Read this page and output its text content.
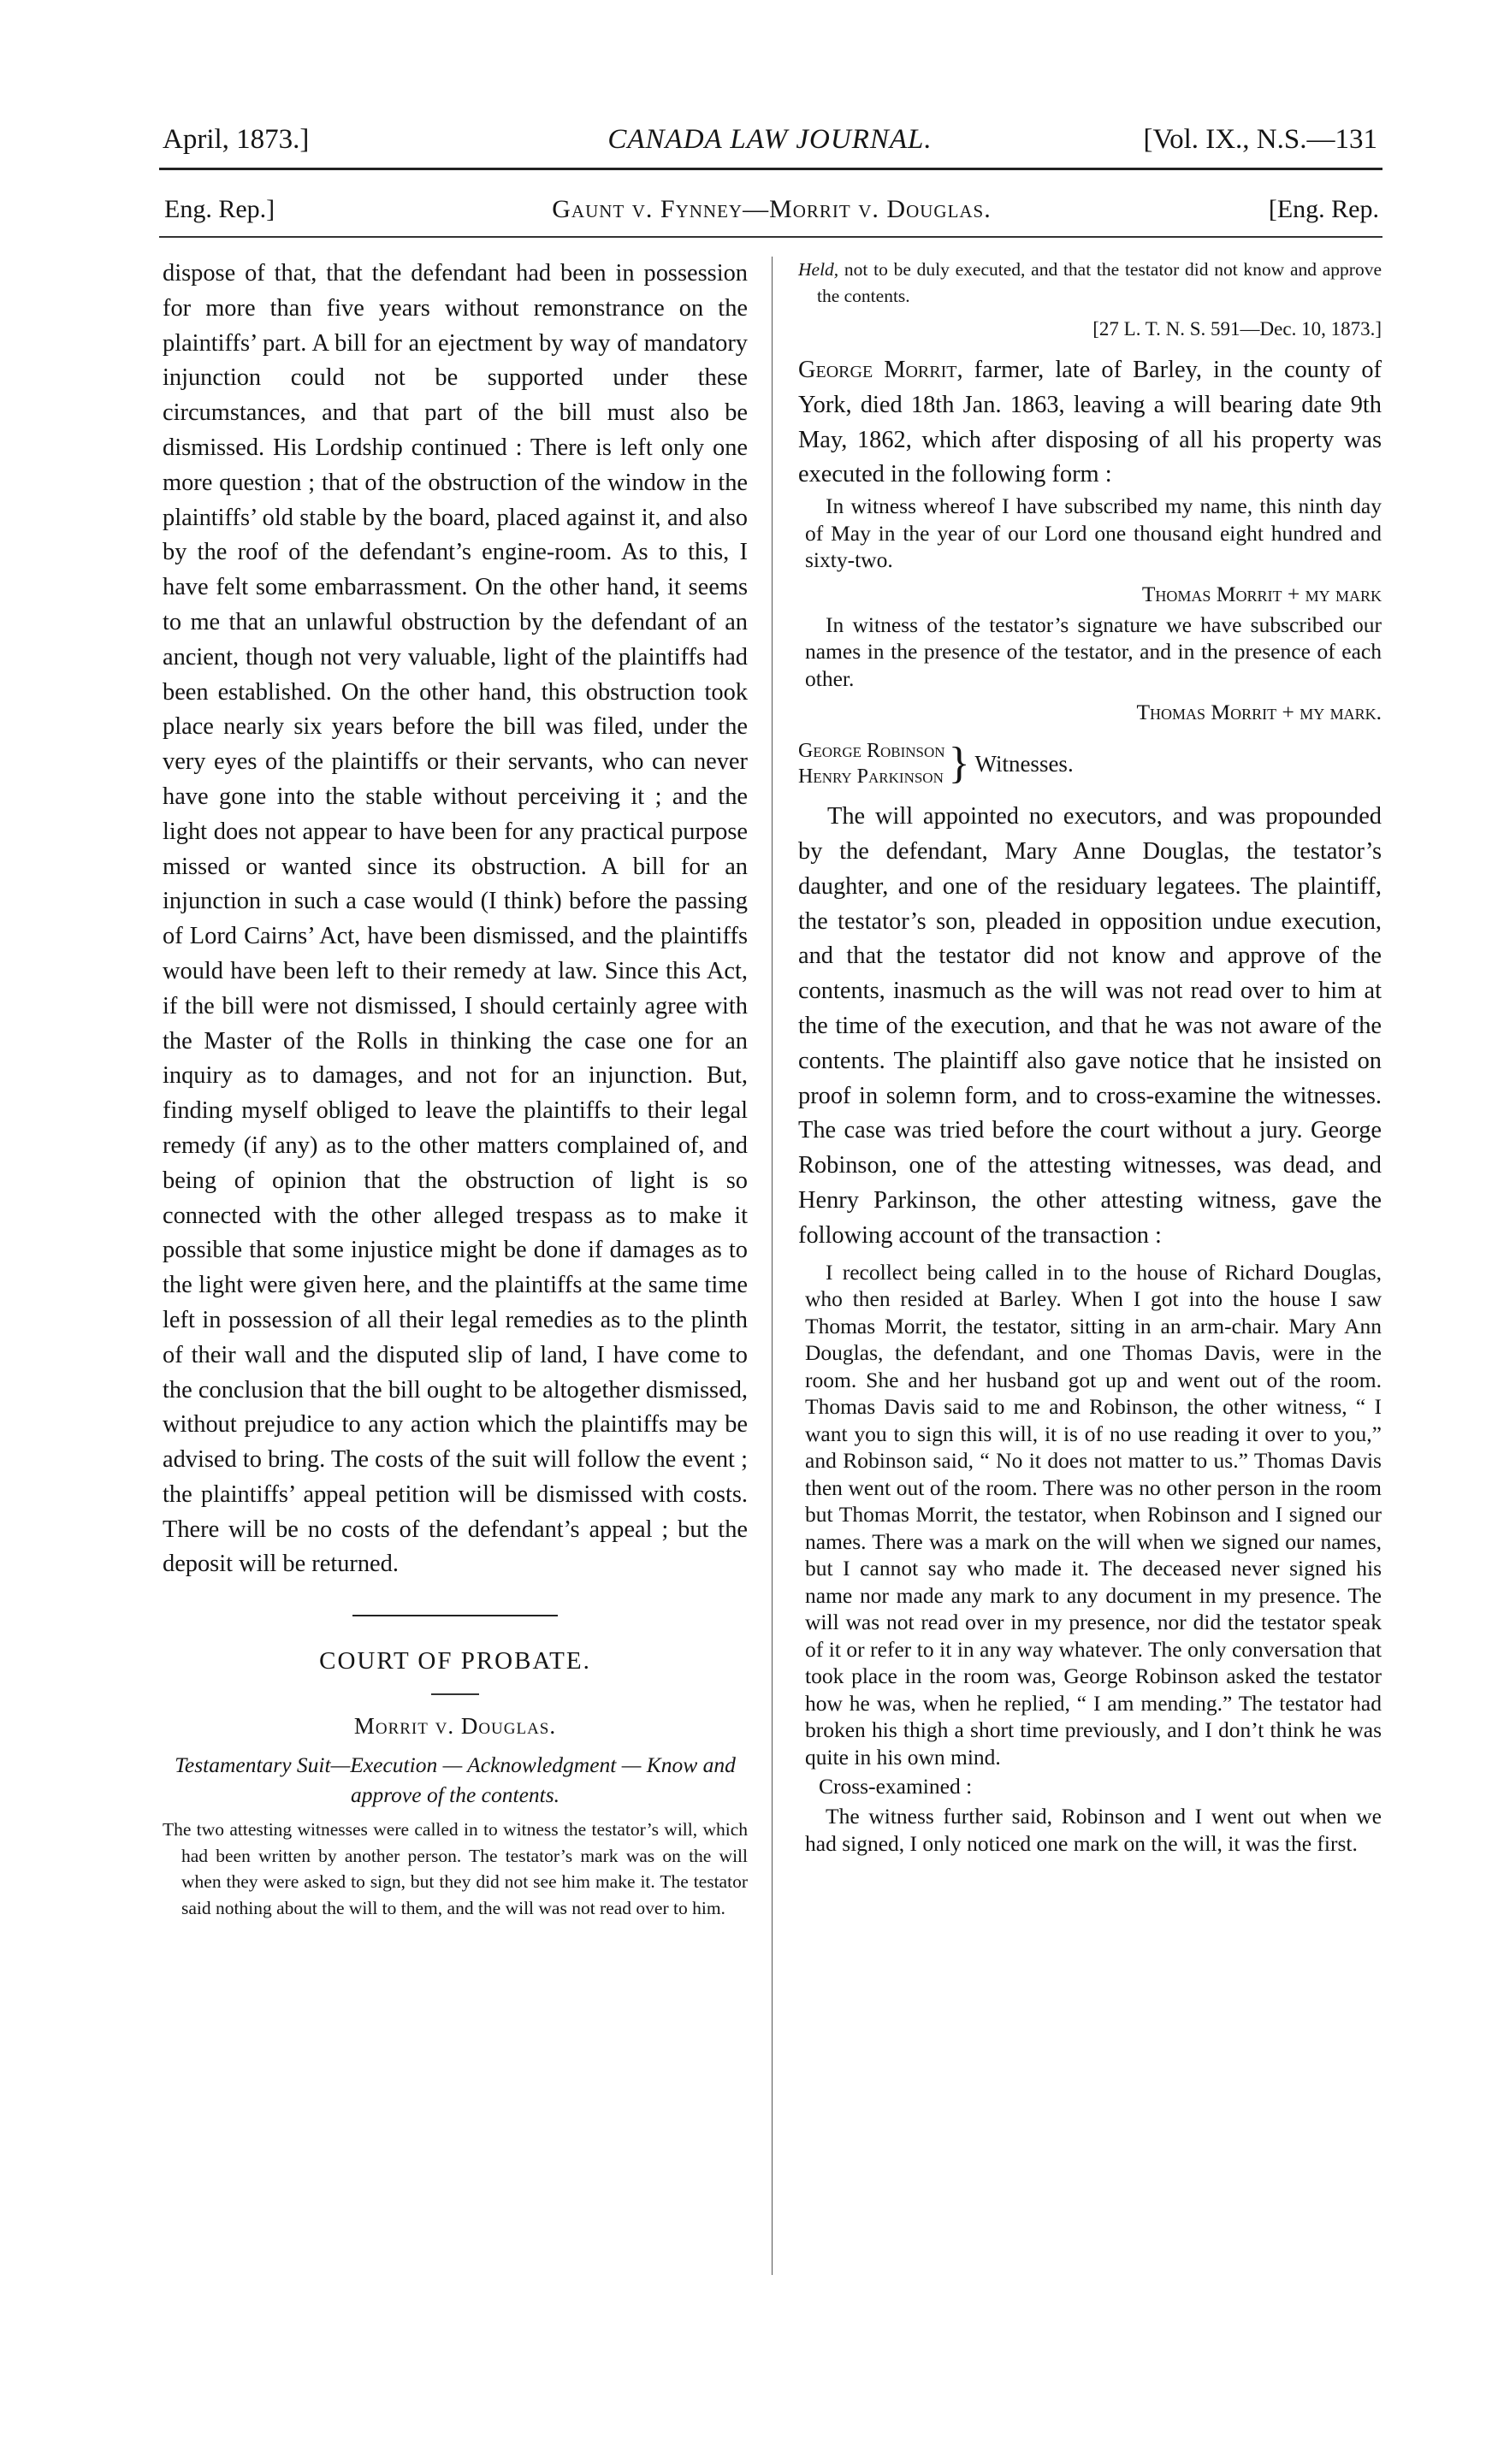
April, 1873.]	CANADA LAW JOURNAL.	[Vol. IX., N.S.—131
Eng. Rep.]	Gaunt v. Fynney—Morrit v. Douglas.	[Eng. Rep.

dispose of that, that the defendant had been in possession for more than five years without remonstrance on the plaintiffs’ part. A bill for an ejectment by way of mandatory injunction could not be supported under these circumstances, and that part of the bill must also be dismissed. His Lordship continued : There is left only one more question ; that of the obstruction of the window in the plaintiffs’ old stable by the board, placed against it, and also by the roof of the defendant’s engine-room. As to this, I have felt some embarrassment. On the other hand, it seems to me that an unlawful obstruction by the defendant of an ancient, though not very valuable, light of the plaintiffs had been established. On the other hand, this obstruction took place nearly six years before the bill was filed, under the very eyes of the plaintiffs or their servants, who can never have gone into the stable without perceiving it ; and the light does not appear to have been for any practical purpose missed or wanted since its obstruction. A bill for an injunction in such a case would (I think) before the passing of Lord Cairns’ Act, have been dismissed, and the plaintiffs would have been left to their remedy at law. Since this Act, if the bill were not dismissed, I should certainly agree with the Master of the Rolls in thinking the case one for an inquiry as to damages, and not for an injunction. But, finding myself obliged to leave the plaintiffs to their legal remedy (if any) as to the other matters complained of, and being of opinion that the obstruction of light is so connected with the other alleged trespass as to make it possible that some injustice might be done if damages as to the light were given here, and the plaintiffs at the same time left in possession of all their legal remedies as to the plinth of their wall and the disputed slip of land, I have come to the conclusion that the bill ought to be altogether dismissed, without prejudice to any action which the plaintiffs may be advised to bring. The costs of the suit will follow the event ; the plaintiffs’ appeal petition will be dismissed with costs. There will be no costs of the defendant’s appeal ; but the deposit will be returned.

COURT OF PROBATE.

Morrit v. Douglas.

Testamentary Suit—Execution — Acknowledgment — Know and approve of the contents.

The two attesting witnesses were called in to witness the testator’s will, which had been written by another person. The testator’s mark was on the will when they were asked to sign, but they did not see him make it. The testator said nothing about the will to them, and the will was not read over to him.

Held, not to be duly executed, and that the testator did not know and approve the contents.

[27 L. T. N. S. 591—Dec. 10, 1873.]

George Morrit, farmer, late of Barley, in the county of York, died 18th Jan. 1863, leaving a will bearing date 9th May, 1862, which after disposing of all his property was executed in the following form :

In witness whereof I have subscribed my name, this ninth day of May in the year of our Lord one thousand eight hundred and sixty-two.

Thomas Morrit + my mark

In witness of the testator’s signature we have subscribed our names in the presence of the testator, and in the presence of each other.

Thomas Morrit + my mark.

George Robinson
Henry Parkinson } Witnesses.

The will appointed no executors, and was propounded by the defendant, Mary Anne Douglas, the testator’s daughter, and one of the residuary legatees. The plaintiff, the testator’s son, pleaded in opposition undue execution, and that the testator did not know and approve of the contents, inasmuch as the will was not read over to him at the time of the execution, and that he was not aware of the contents. The plaintiff also gave notice that he insisted on proof in solemn form, and to cross-examine the witnesses. The case was tried before the court without a jury. George Robinson, one of the attesting witnesses, was dead, and Henry Parkinson, the other attesting witness, gave the following account of the transaction :

I recollect being called in to the house of Richard Douglas, who then resided at Barley. When I got into the house I saw Thomas Morrit, the testator, sitting in an arm-chair. Mary Ann Douglas, the defendant, and one Thomas Davis, were in the room. She and her husband got up and went out of the room. Thomas Davis said to me and Robinson, the other witness, “ I want you to sign this will, it is of no use reading it over to you,” and Robinson said, “ No it does not matter to us.” Thomas Davis then went out of the room. There was no other person in the room but Thomas Morrit, the testator, when Robinson and I signed our names. There was a mark on the will when we signed our names, but I cannot say who made it. The deceased never signed his name nor made any mark to any document in my presence. The will was not read over in my presence, nor did the testator speak of it or refer to it in any way whatever. The only conversation that took place in the room was, George Robinson asked the testator how he was, when he replied, “ I am mending.” The testator had broken his thigh a short time previously, and I don’t think he was quite in his own mind.

Cross-examined :

The witness further said, Robinson and I went out when we had signed, I only noticed one mark on the will, it was the first.
